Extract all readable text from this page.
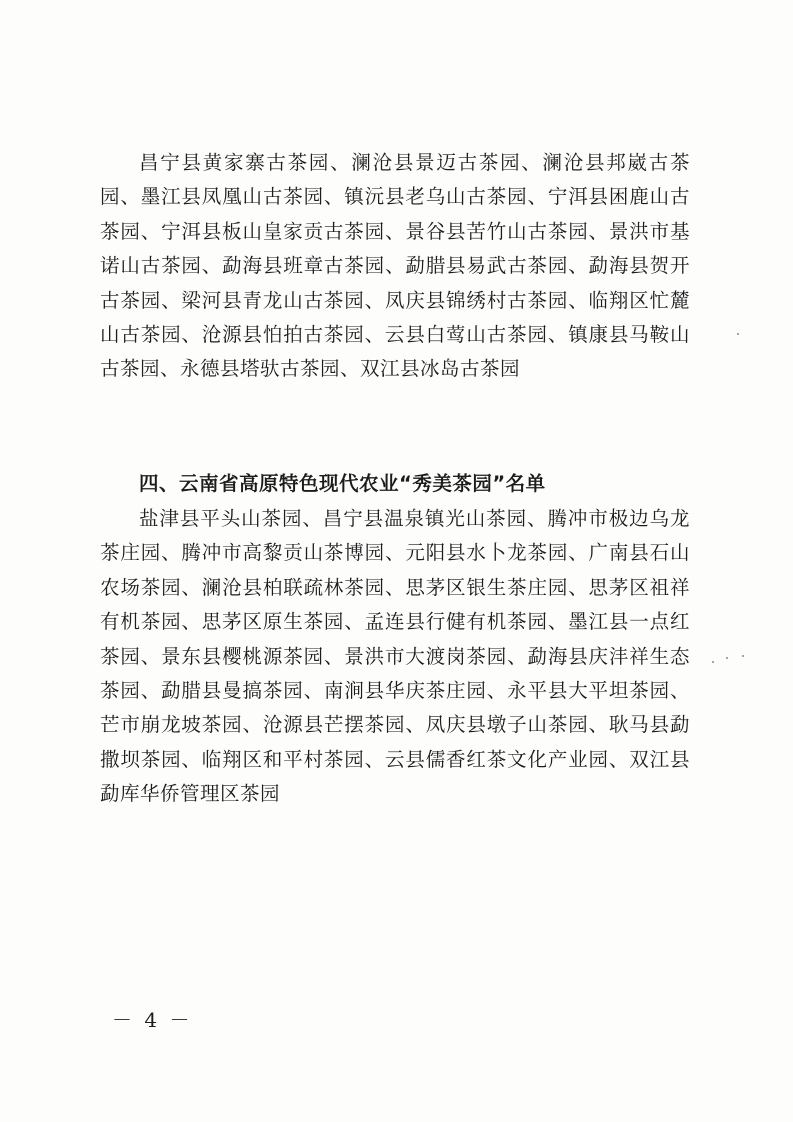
昌宁县黄家寨古茶园、澜沧县景迈古茶园、澜沧县邦崴古茶园、墨江县凤凰山古茶园、镇沅县老乌山古茶园、宁洱县困鹿山古茶园、宁洱县板山皇家贡古茶园、景谷县苦竹山古茶园、景洪市基诺山古茶园、勐海县班章古茶园、勐腊县易武古茶园、勐海县贺开古茶园、梁河县青龙山古茶园、凤庆县锦绣村古茶园、临翔区忙麓山古茶园、沧源县怕拍古茶园、云县白莺山古茶园、镇康县马鞍山古茶园、永德县塔驮古茶园、双江县冰岛古茶园

四、云南省高原特色现代农业“秀美茶园”名单

盐津县平头山茶园、昌宁县温泉镇光山茶园、腾冲市极边乌龙茶庄园、腾冲市高黎贡山茶博园、元阳县水卜龙茶园、广南县石山农场茶园、澜沧县柏联疏林茶园、思茅区银生茶庄园、思茅区祖祥有机茶园、思茅区原生茶园、孟连县行健有机茶园、墨江县一点红茶园、景东县樱桃源茶园、景洪市大渡岗茶园、勐海县庆沣祥生态茶园、勐腊县曼搞茶园、南涧县华庆茶庄园、永平县大平坦茶园、芒市崩龙坡茶园、沧源县芒摆茶园、凤庆县墩子山茶园、耿马县勐撒坝茶园、临翔区和平村茶园、云县儒香红茶文化产业园、双江县勐库华侨管理区茶园

－ 4 －
